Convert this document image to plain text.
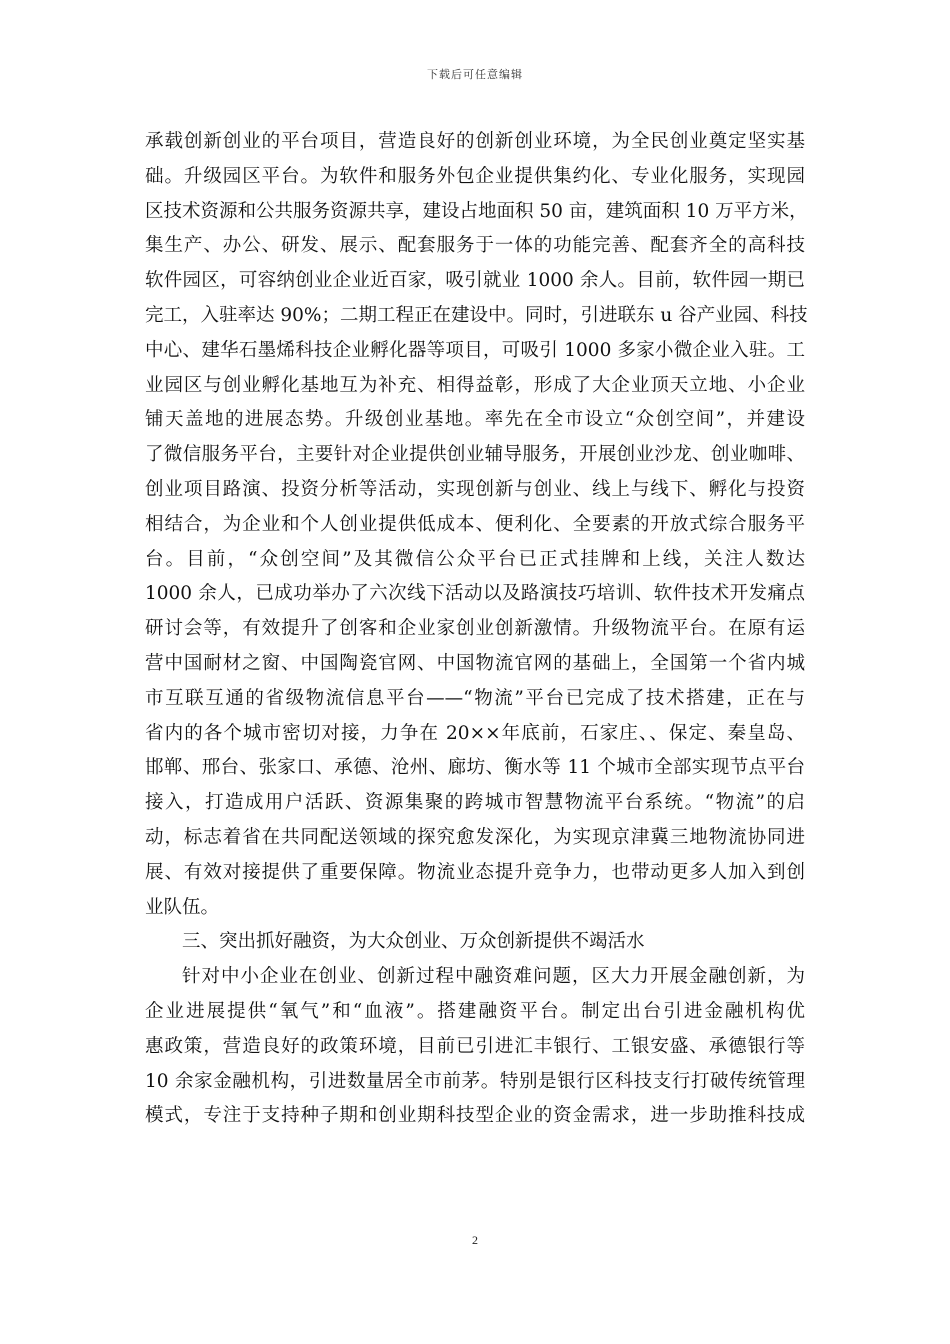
下载后可任意编辑
承载创新创业的平台项目，营造良好的创新创业环境，为全民创业奠定坚实基
础。升级园区平台。为软件和服务外包企业提供集约化、专业化服务，实现园
区技术资源和公共服务资源共享，建设占地面积 50 亩，建筑面积 10 万平方米，
集生产、办公、研发、展示、配套服务于一体的功能完善、配套齐全的高科技
软件园区，可容纳创业企业近百家，吸引就业 1000 余人。目前，软件园一期已
完工，入驻率达 90%；二期工程正在建设中。同时，引进联东 u 谷产业园、科技
中心、建华石墨烯科技企业孵化器等项目，可吸引 1000 多家小微企业入驻。工
业园区与创业孵化基地互为补充、相得益彰，形成了大企业顶天立地、小企业
铺天盖地的进展态势。升级创业基地。率先在全市设立“众创空间”，并建设
了微信服务平台，主要针对企业提供创业辅导服务，开展创业沙龙、创业咖啡、
创业项目路演、投资分析等活动，实现创新与创业、线上与线下、孵化与投资
相结合，为企业和个人创业提供低成本、便利化、全要素的开放式综合服务平
台。目前，“众创空间”及其微信公众平台已正式挂牌和上线，关注人数达
1000 余人，已成功举办了六次线下活动以及路演技巧培训、软件技术开发痛点
研讨会等，有效提升了创客和企业家创业创新激情。升级物流平台。在原有运
营中国耐材之窗、中国陶瓷官网、中国物流官网的基础上，全国第一个省内城
市互联互通的省级物流信息平台——“物流”平台已完成了技术搭建，正在与
省内的各个城市密切对接，力争在 20××年底前，石家庄、、保定、秦皇岛、
邯郸、邢台、张家口、承德、沧州、廊坊、衡水等 11 个城市全部实现节点平台
接入，打造成用户活跃、资源集聚的跨城市智慧物流平台系统。“物流”的启
动，标志着省在共同配送领域的探究愈发深化，为实现京津冀三地物流协同进
展、有效对接提供了重要保障。物流业态提升竞争力，也带动更多人加入到创
业队伍。
三、突出抓好融资，为大众创业、万众创新提供不竭活水
针对中小企业在创业、创新过程中融资难问题，区大力开展金融创新，为
企业进展提供“氧气”和“血液”。搭建融资平台。制定出台引进金融机构优
惠政策，营造良好的政策环境，目前已引进汇丰银行、工银安盛、承德银行等
10 余家金融机构，引进数量居全市前茅。特别是银行区科技支行打破传统管理
模式，专注于支持种子期和创业期科技型企业的资金需求，进一步助推科技成
2
